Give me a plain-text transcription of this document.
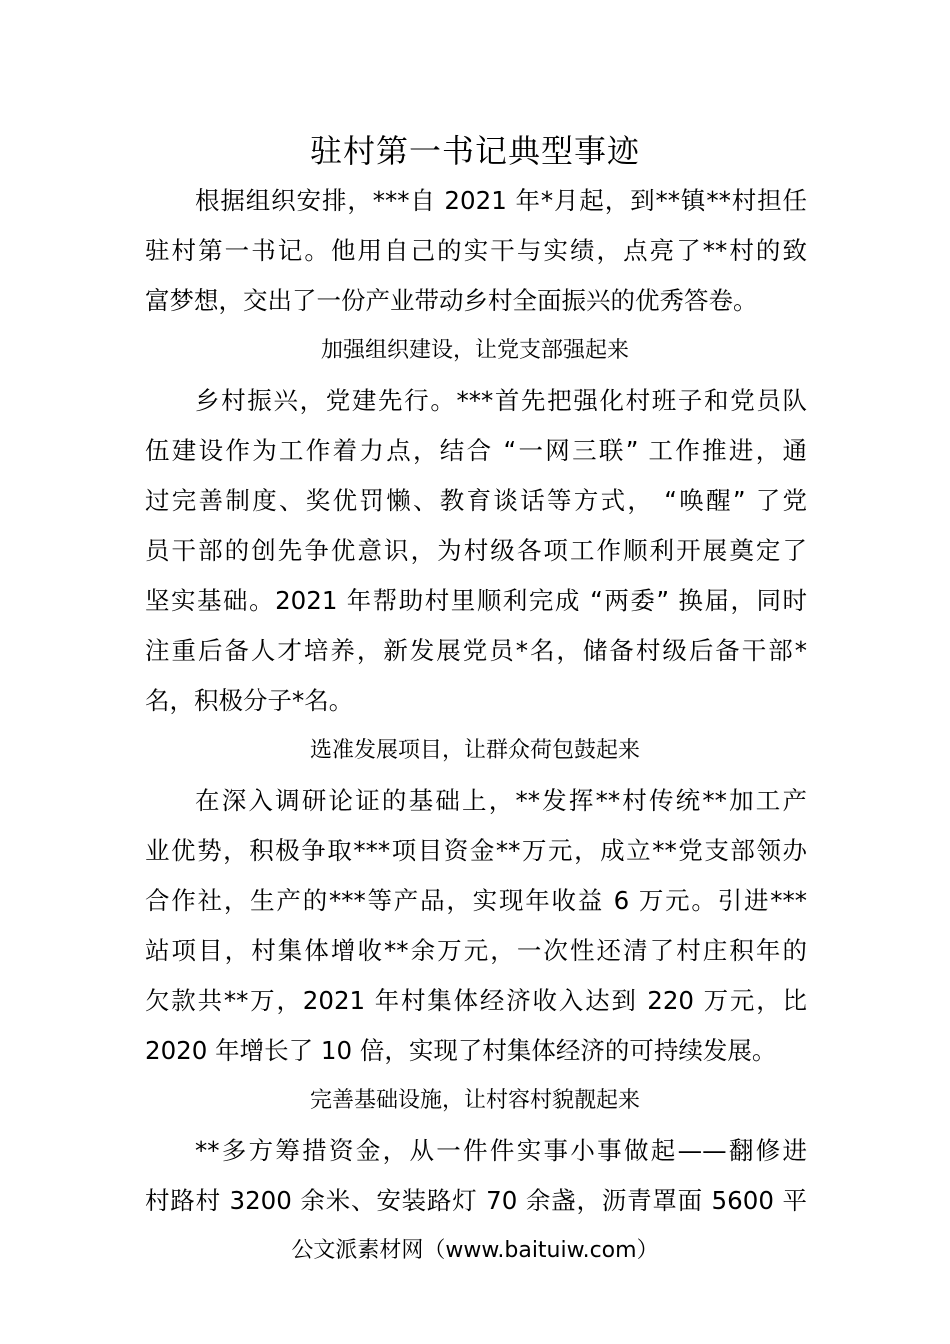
驻村第一书记典型事迹
根据组织安排，***自 2021 年*月起，到**镇**村担任
驻村第一书记。他用自己的实干与实绩，点亮了**村的致
富梦想，交出了一份产业带动乡村全面振兴的优秀答卷。
加强组织建设，让党支部强起来
乡村振兴，党建先行。***首先把强化村班子和党员队
伍建设作为工作着力点，结合 “一网三联” 工作推进，通
过完善制度、奖优罚懒、教育谈话等方式， “唤醒” 了党
员干部的创先争优意识，为村级各项工作顺利开展奠定了
坚实基础。2021 年帮助村里顺利完成 “两委” 换届，同时
注重后备人才培养，新发展党员*名，储备村级后备干部*
名，积极分子*名。
选准发展项目，让群众荷包鼓起来
在深入调研论证的基础上，**发挥**村传统**加工产
业优势，积极争取***项目资金**万元，成立**党支部领办
合作社，生产的***等产品，实现年收益 6 万元。引进***
站项目，村集体增收**余万元，一次性还清了村庄积年的
欠款共**万，2021 年村集体经济收入达到 220 万元，比
2020 年增长了 10 倍，实现了村集体经济的可持续发展。
完善基础设施，让村容村貌靓起来
**多方筹措资金，从一件件实事小事做起——翻修进
村路村 3200 余米、安装路灯 70 余盏，沥青罩面 5600 平
公文派素材网（www.baituiw.com）
